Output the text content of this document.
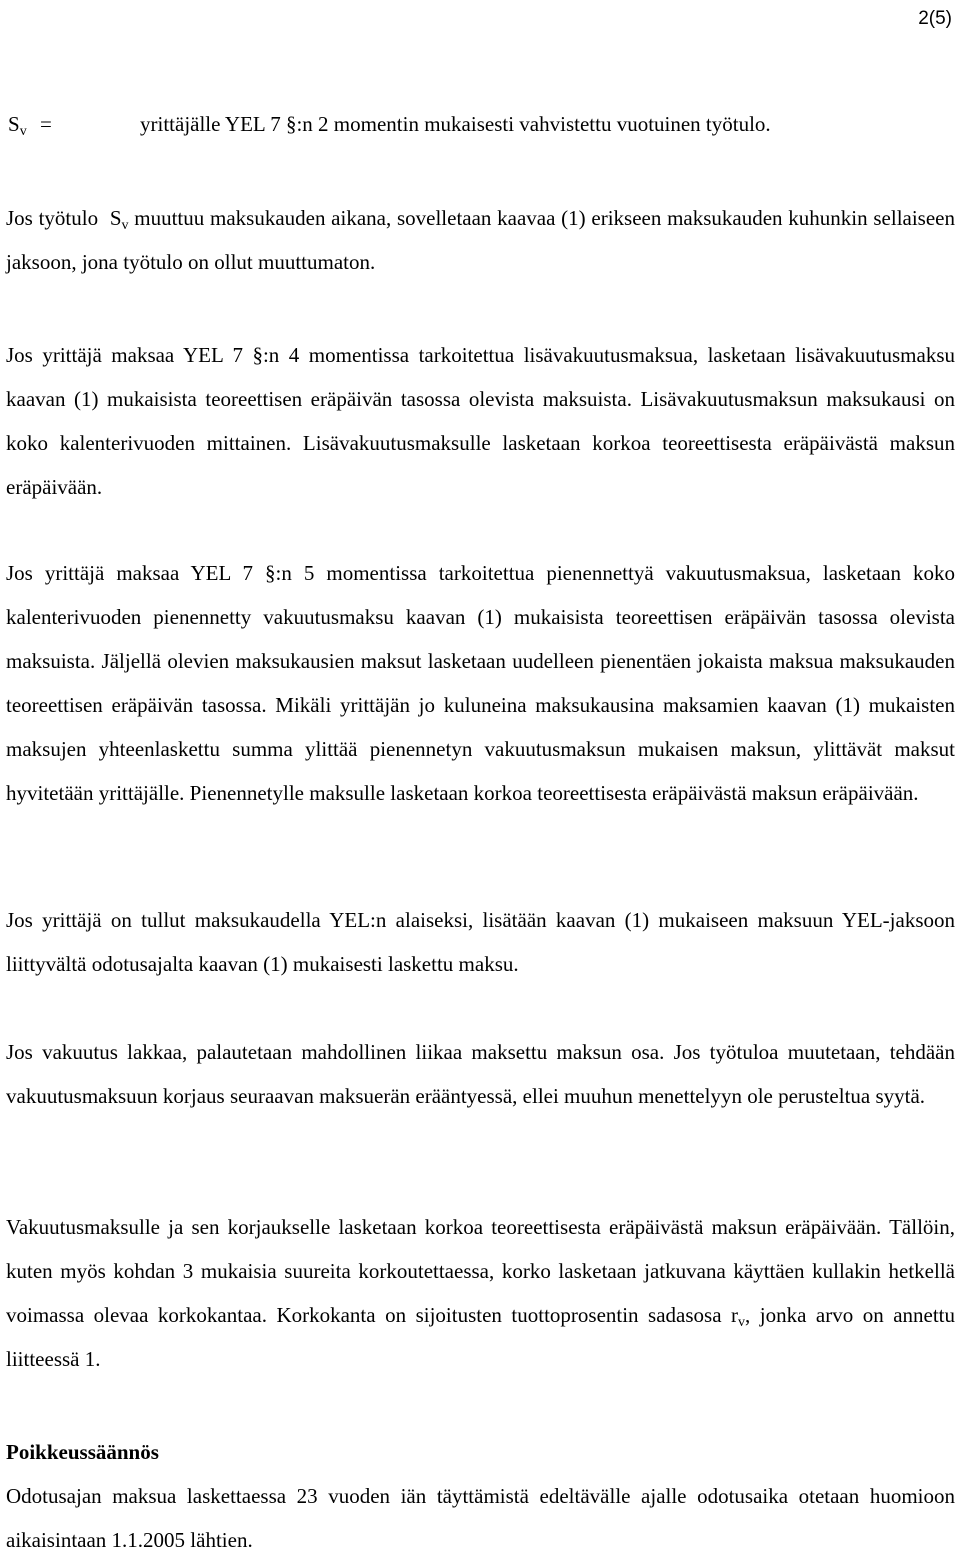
2(5)
$S_v$ =	yrittäjälle YEL 7 §:n 2 momentin mukaisesti vahvistettu vuotuinen työtulo.

Jos työtulo $S_v$ muuttuu maksukauden aikana, sovelletaan kaavaa (1) erikseen maksukauden kuhunkin sellaiseen jaksoon, jona työtulo on ollut muuttumaton.

Jos yrittäjä maksaa YEL 7 §:n 4 momentissa tarkoitettua lisävakuutusmaksua, lasketaan lisävakuutusmaksu kaavan (1) mukaisista teoreettisen eräpäivän tasossa olevista maksuista. Lisävakuutusmaksun maksukausi on koko kalenterivuoden mittainen. Lisävakuutusmaksulle lasketaan korkoa teoreettisesta eräpäivästä maksun eräpäivään.

Jos yrittäjä maksaa YEL 7 §:n 5 momentissa tarkoitettua pienennettyä vakuutusmaksua, lasketaan koko kalenterivuoden pienennetty vakuutusmaksu kaavan (1) mukaisista teoreettisen eräpäivän tasossa olevista maksuista. Jäljellä olevien maksukausien maksut lasketaan uudelleen pienentäen jokaista maksua maksukauden teoreettisen eräpäivän tasossa. Mikäli yrittäjän jo kuluneina maksukausina maksamien kaavan (1) mukaisten maksujen yhteenlaskettu summa ylittää pienennetyn vakuutusmaksun mukaisen maksun, ylittävät maksut hyvitetään yrittäjälle. Pienennetylle maksulle lasketaan korkoa teoreettisesta eräpäivästä maksun eräpäivään.

Jos yrittäjä on tullut maksukaudella YEL:n alaiseksi, lisätään kaavan (1) mukaiseen maksuun YEL-jaksoon liittyvältä odotusajalta kaavan (1) mukaisesti laskettu maksu.

Jos vakuutus lakkaa, palautetaan mahdollinen liikaa maksettu maksun osa. Jos työtuloa muutetaan, tehdään vakuutusmaksuun korjaus seuraavan maksuerän erääntyessä, ellei muuhun menettelyyn ole perusteltua syytä.

Vakuutusmaksulle ja sen korjaukselle lasketaan korkoa teoreettisesta eräpäivästä maksun eräpäivään. Tällöin, kuten myös kohdan 3 mukaisia suureita korkoutettaessa, korko lasketaan jatkuvana käyttäen kullakin hetkellä voimassa olevaa korkokantaa. Korkokanta on sijoitusten tuottoprosentin sadasosa $r_v$, jonka arvo on annettu liitteessä 1.

Poikkeussäännös

Odotusajan maksua laskettaessa 23 vuoden iän täyttämistä edeltävälle ajalle odotusaika otetaan huomioon aikaisintaan 1.1.2005 lähtien.
